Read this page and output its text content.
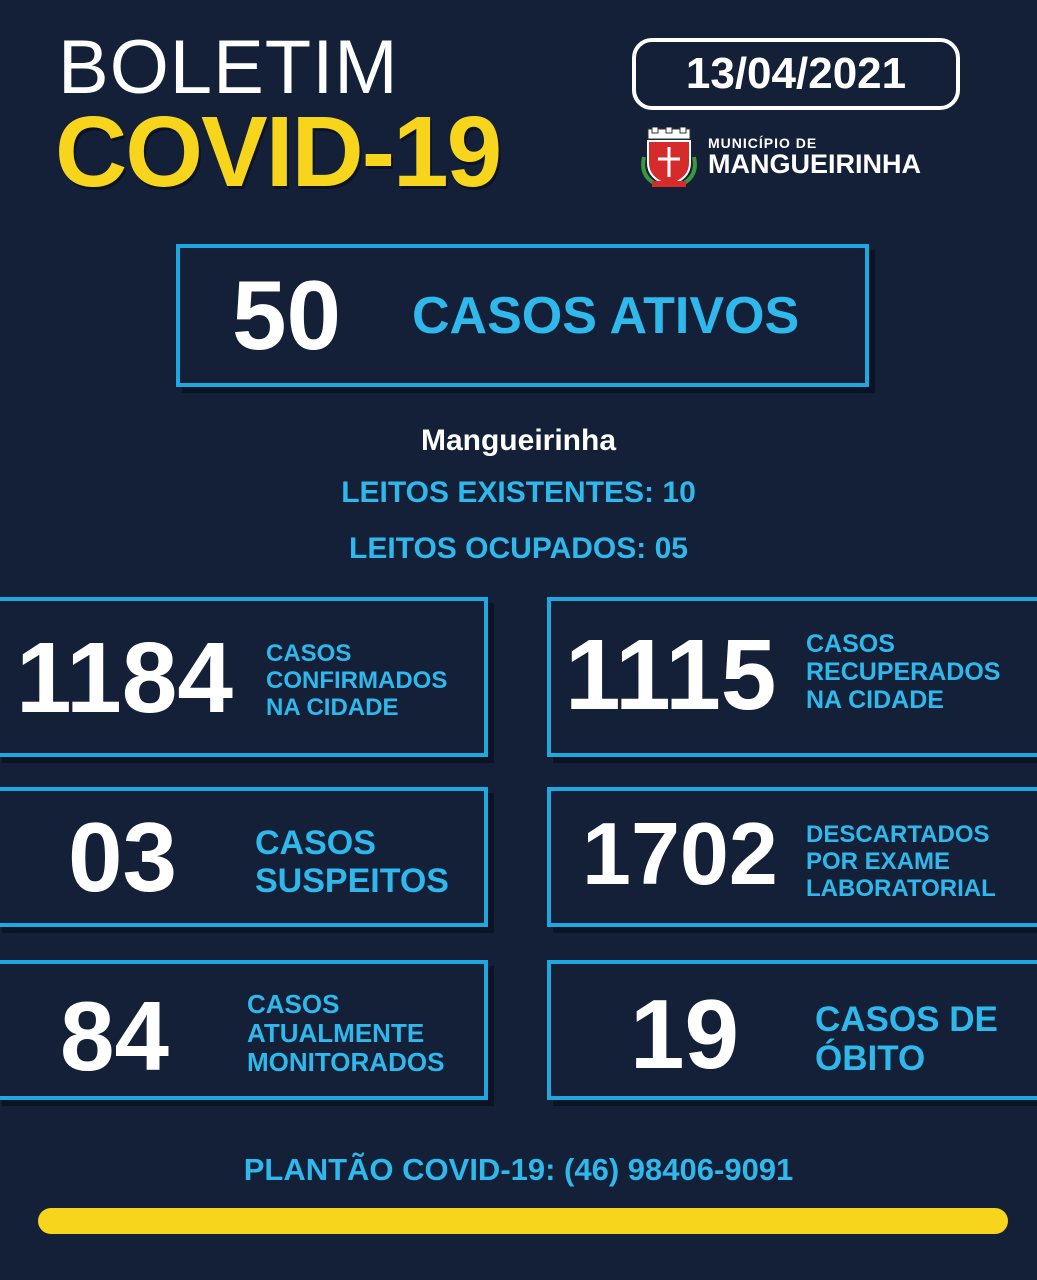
BOLETIM
COVID-19
13/04/2021
MUNICÍPIO DE
MANGUEIRINHA
50 CASOS ATIVOS
Mangueirinha
LEITOS EXISTENTES: 10
LEITOS OCUPADOS: 05
1184 CASOS
CONFIRMADOS
NA CIDADE	1115 CASOS
RECUPERADOS
NA CIDADE
03 CASOS
SUSPEITOS 1702 DESCARTADOS
POR EXAME
LABORATORIAL
84	CASOS
ATUALMENTE
MONITORADOS 19 CASOS DE
ÓBITO
PLANTÃO COVID-19: (46) 98406-9091
